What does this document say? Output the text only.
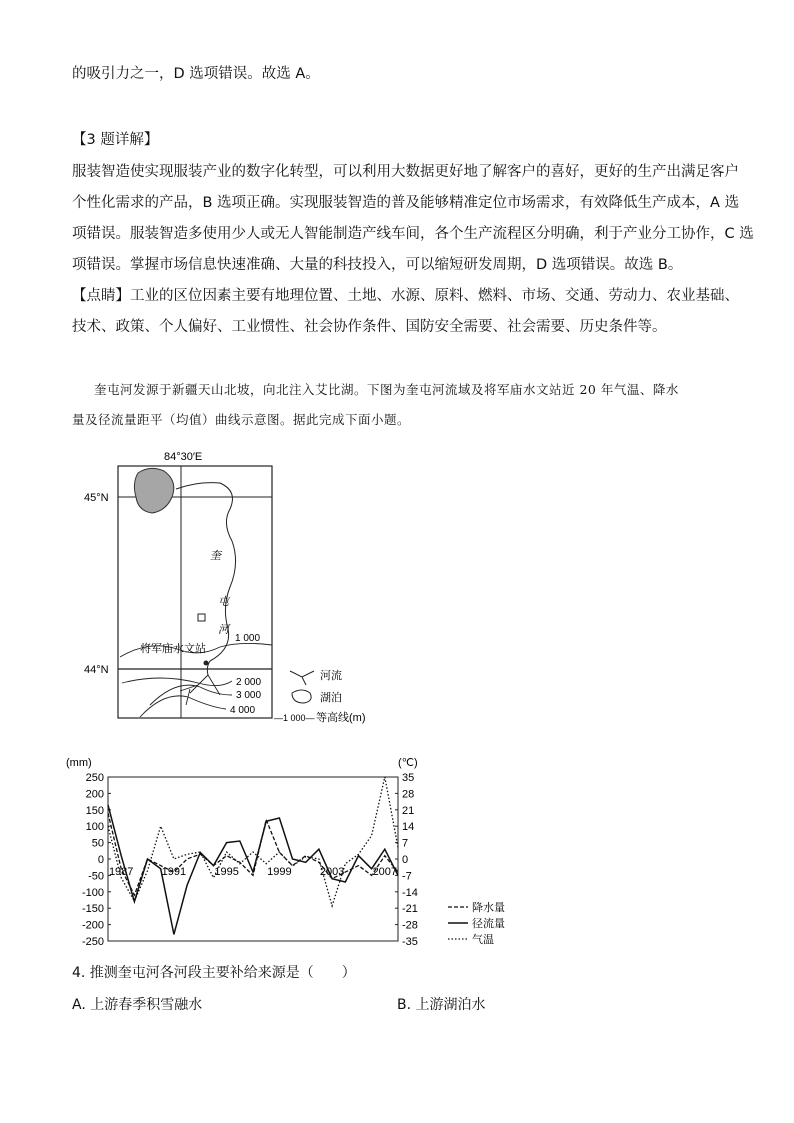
的吸引力之一，D 选项错误。故选 A。
【3 题详解】
服装智造使实现服装产业的数字化转型，可以利用大数据更好地了解客户的喜好，更好的生产出满足客户
个性化需求的产品，B 选项正确。实现服装智造的普及能够精准定位市场需求，有效降低生产成本，A 选
项错误。服装智造多使用少人或无人智能制造产线车间，各个生产流程区分明确，利于产业分工协作，C 选
项错误。掌握市场信息快速准确、大量的科技投入，可以缩短研发周期，D 选项错误。故选 B。
【点睛】工业的区位因素主要有地理位置、土地、水源、原料、燃料、市场、交通、劳动力、农业基础、
技术、政策、个人偏好、工业惯性、社会协作条件、国防安全需要、社会需要、历史条件等。
奎屯河发源于新疆天山北坡，向北注入艾比湖。下图为奎屯河流域及将军庙水文站近 20 年气温、降水
量及径流量距平（均值）曲线示意图。据此完成下面小题。
84°30′E
45°N
44°N
奎
屯
河
1 000
将军庙水文站
2 000
3 000
4 000
河流
湖泊
—1 000— 等高线(m)
(mm)	(℃)
250
200
150
100
50
0
-50
-100
-150
-200
-250
35
28
21
14
7
0
-7
-14
-21
-28
-35
1987	1991	1995	1999	2003	2007
降水量
径流量
气温
4. 推测奎屯河各河段主要补给来源是（　　）
A. 上游春季积雪融水	B. 上游湖泊水
